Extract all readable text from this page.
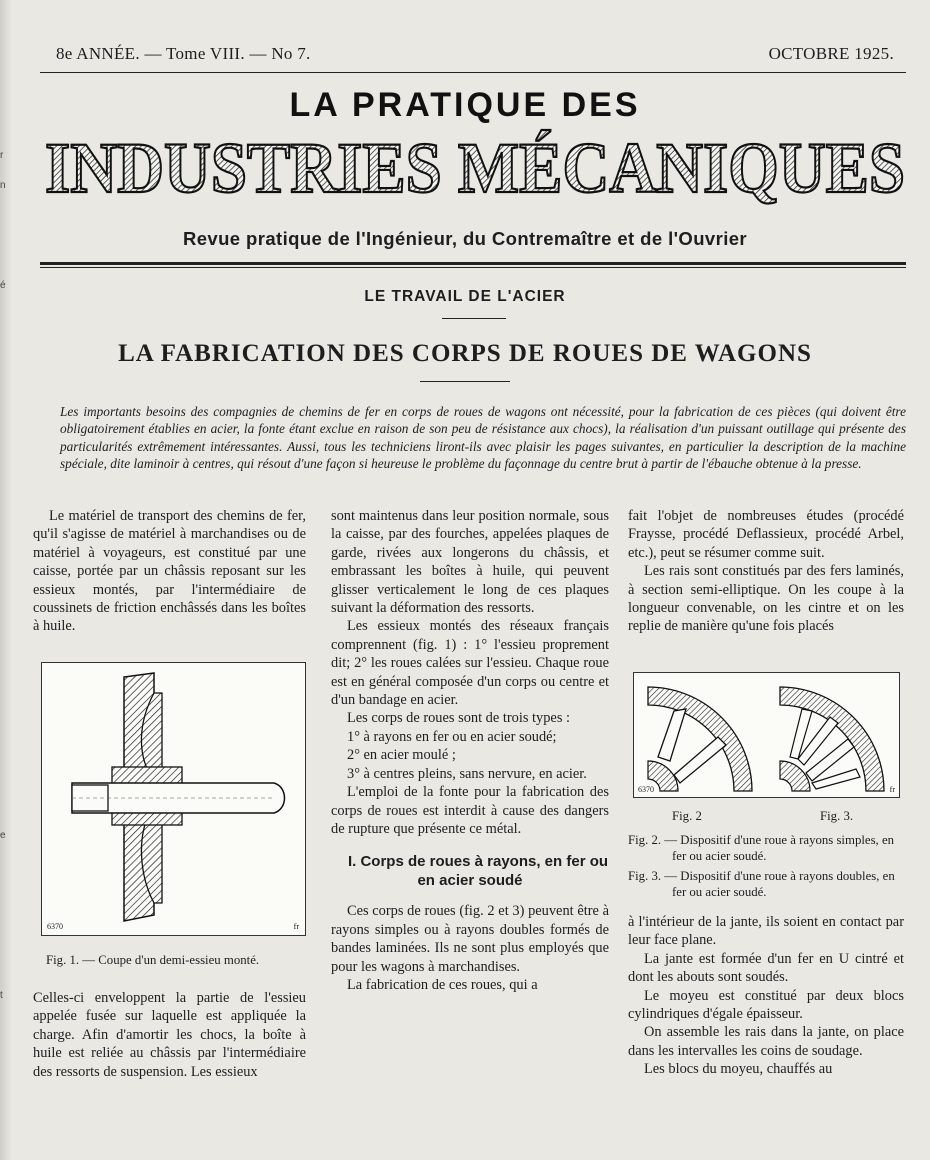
r
n
é
e
t
8e ANNÉE. — Tome VIII. — No 7.	OCTOBRE 1925.
LA PRATIQUE DES
INDUSTRIES MÉCANIQUES
Revue pratique de l'Ingénieur, du Contremaître et de l'Ouvrier
LE TRAVAIL DE L'ACIER
LA FABRICATION DES CORPS DE ROUES DE WAGONS
Les importants besoins des compagnies de chemins de fer en corps de roues de wagons ont nécessité, pour la fabrication de ces pièces (qui doivent être obligatoirement établies en acier, la fonte étant exclue en raison de son peu de résistance aux chocs), la réalisation d'un puissant outillage qui présente des particularités extrêmement intéressantes. Aussi, tous les techniciens liront-ils avec plaisir les pages suivantes, en particulier la description de la machine spéciale, dite laminoir à centres, qui résout d'une façon si heureuse le problème du façonnage du centre brut à partir de l'ébauche obtenue à la presse.

Le matériel de transport des chemins de fer, qu'il s'agisse de matériel à marchandises ou de matériel à voyageurs, est constitué par une caisse, portée par un châssis reposant sur les essieux montés, par l'intermédiaire de coussinets de friction enchâssés dans les boîtes à huile.

6370	fr
Fig. 1. — Coupe d'un demi-essieu monté.

Celles-ci enveloppent la partie de l'essieu appelée fusée sur laquelle est appliquée la charge. Afin d'amortir les chocs, la boîte à huile est reliée au châssis par l'intermédiaire des ressorts de suspension. Les essieux

sont maintenus dans leur position normale, sous la caisse, par des fourches, appelées plaques de garde, rivées aux longerons du châssis, et embrassant les boîtes à huile, qui peuvent glisser verticalement le long de ces plaques suivant la déformation des ressorts.

Les essieux montés des réseaux français comprennent (fig. 1) : 1° l'essieu proprement dit; 2° les roues calées sur l'essieu. Chaque roue est en général composée d'un corps ou centre et d'un bandage en acier.

Les corps de roues sont de trois types :

1° à rayons en fer ou en acier soudé;

2° en acier moulé ;

3° à centres pleins, sans nervure, en acier.

L'emploi de la fonte pour la fabrication des corps de roues est interdit à cause des dangers de rupture que présente ce métal.

I. Corps de roues à rayons, en fer ou en acier soudé

Ces corps de roues (fig. 2 et 3) peuvent être à rayons simples ou à rayons doubles formés de bandes laminées. Ils ne sont plus employés que pour les wagons à marchandises.

La fabrication de ces roues, qui a

fait l'objet de nombreuses études (procédé Fraysse, procédé Deflassieux, procédé Arbel, etc.), peut se résumer comme suit.

Les rais sont constitués par des fers laminés, à section semi-elliptique. On les coupe à la longueur convenable, on les cintre et on les replie de manière qu'une fois placés

6370	fr
Fig. 2	Fig. 3.
Fig. 2. — Dispositif d'une roue à rayons simples, en fer ou acier soudé.
Fig. 3. — Dispositif d'une roue à rayons doubles, en fer ou acier soudé.

à l'intérieur de la jante, ils soient en contact par leur face plane.

La jante est formée d'un fer en U cintré et dont les abouts sont soudés.

Le moyeu est constitué par deux blocs cylindriques d'égale épaisseur.

On assemble les rais dans la jante, on place dans les intervalles les coins de soudage.

Les blocs du moyeu, chauffés au
